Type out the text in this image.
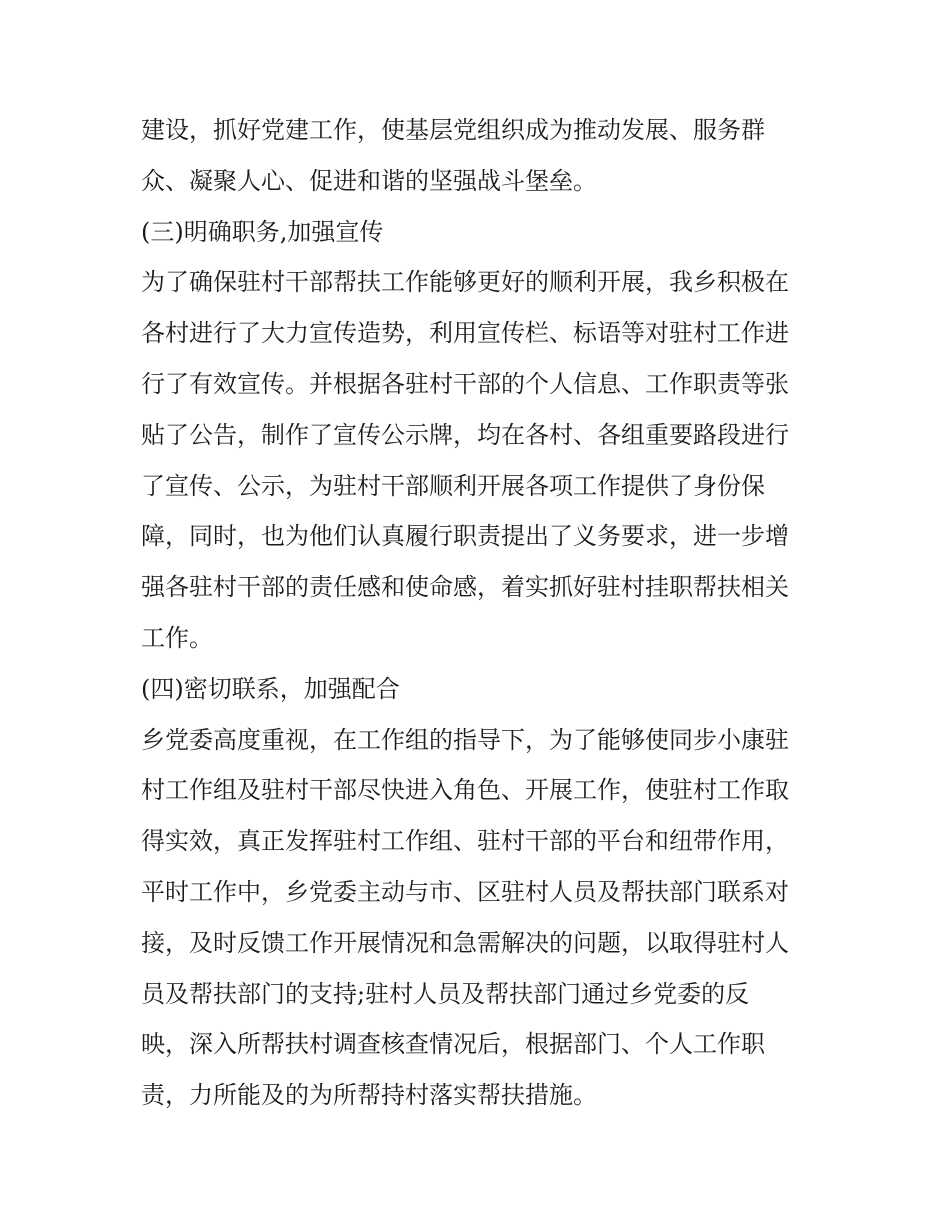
建设，抓好党建工作，使基层党组织成为推动发展、服务群
众、凝聚人心、促进和谐的坚强战斗堡垒。
(三)明确职务,加强宣传
为了确保驻村干部帮扶工作能够更好的顺利开展，我乡积极在
各村进行了大力宣传造势，利用宣传栏、标语等对驻村工作进
行了有效宣传。并根据各驻村干部的个人信息、工作职责等张
贴了公告，制作了宣传公示牌，均在各村、各组重要路段进行
了宣传、公示，为驻村干部顺利开展各项工作提供了身份保
障，同时，也为他们认真履行职责提出了义务要求，进一步增
强各驻村干部的责任感和使命感，着实抓好驻村挂职帮扶相关
工作。
(四)密切联系，加强配合
乡党委高度重视，在工作组的指导下，为了能够使同步小康驻
村工作组及驻村干部尽快进入角色、开展工作，使驻村工作取
得实效，真正发挥驻村工作组、驻村干部的平台和纽带作用，
平时工作中，乡党委主动与市、区驻村人员及帮扶部门联系对
接，及时反馈工作开展情况和急需解决的问题，以取得驻村人
员及帮扶部门的支持;驻村人员及帮扶部门通过乡党委的反
映，深入所帮扶村调查核查情况后，根据部门、个人工作职
责，力所能及的为所帮持村落实帮扶措施。
